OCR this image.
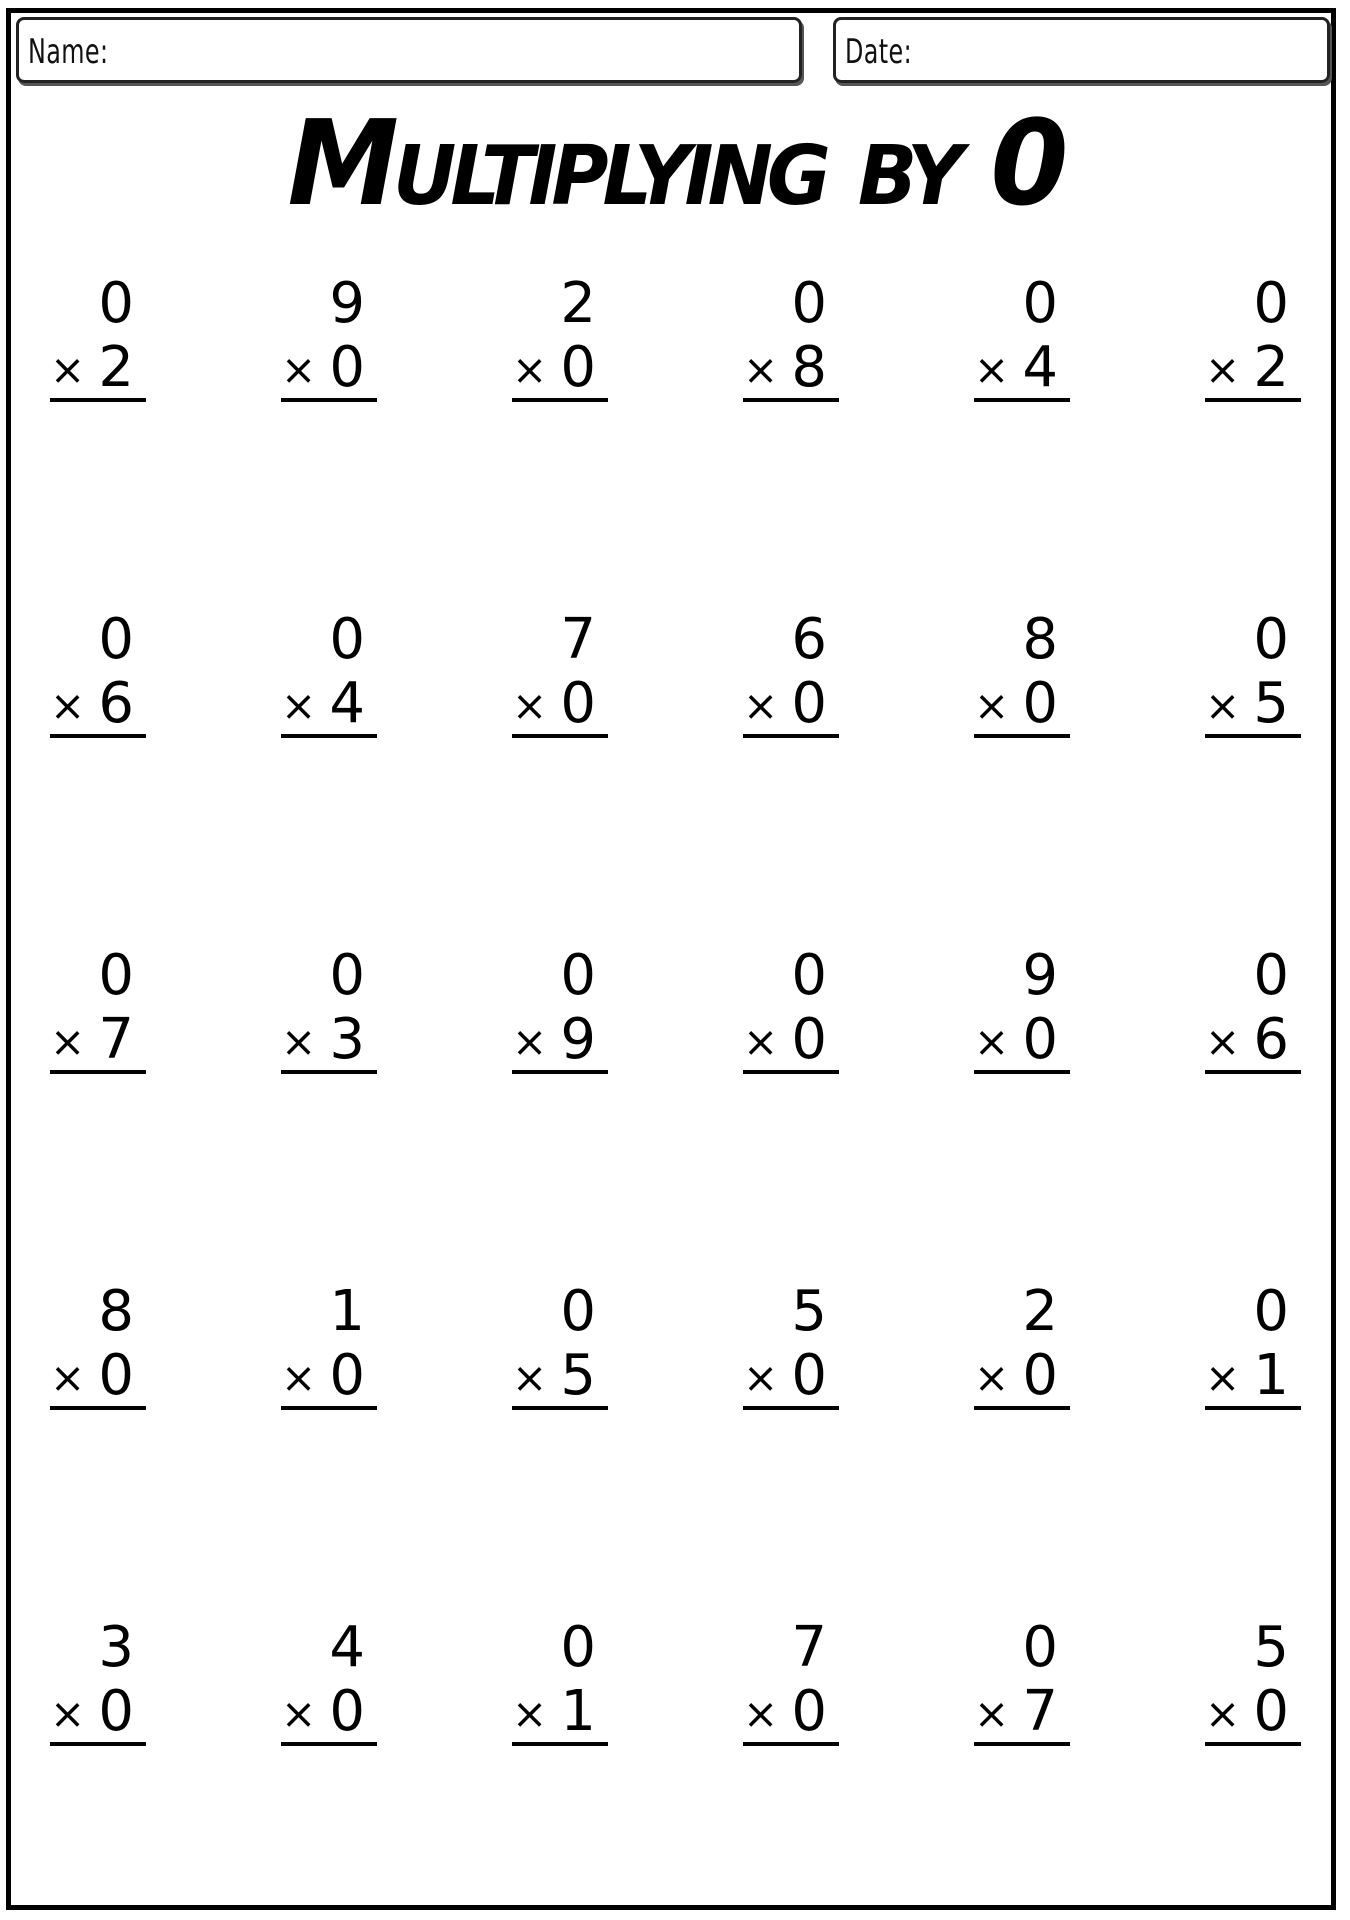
Name:	Date:
Multiplying by 0
0
× 2
9
× 0
2
× 0
0
× 8
0
× 4
0
× 2
0
× 6
0
× 4
7
× 0
6
× 0
8
× 0
0
× 5
0
× 7
0
× 3
0
× 9
0
× 0
9
× 0
0
× 6
8
× 0
1
× 0
0
× 5
5
× 0
2
× 0
0
× 1
3
× 0
4
× 0
0
× 1
7
× 0
0
× 7
5
× 0
